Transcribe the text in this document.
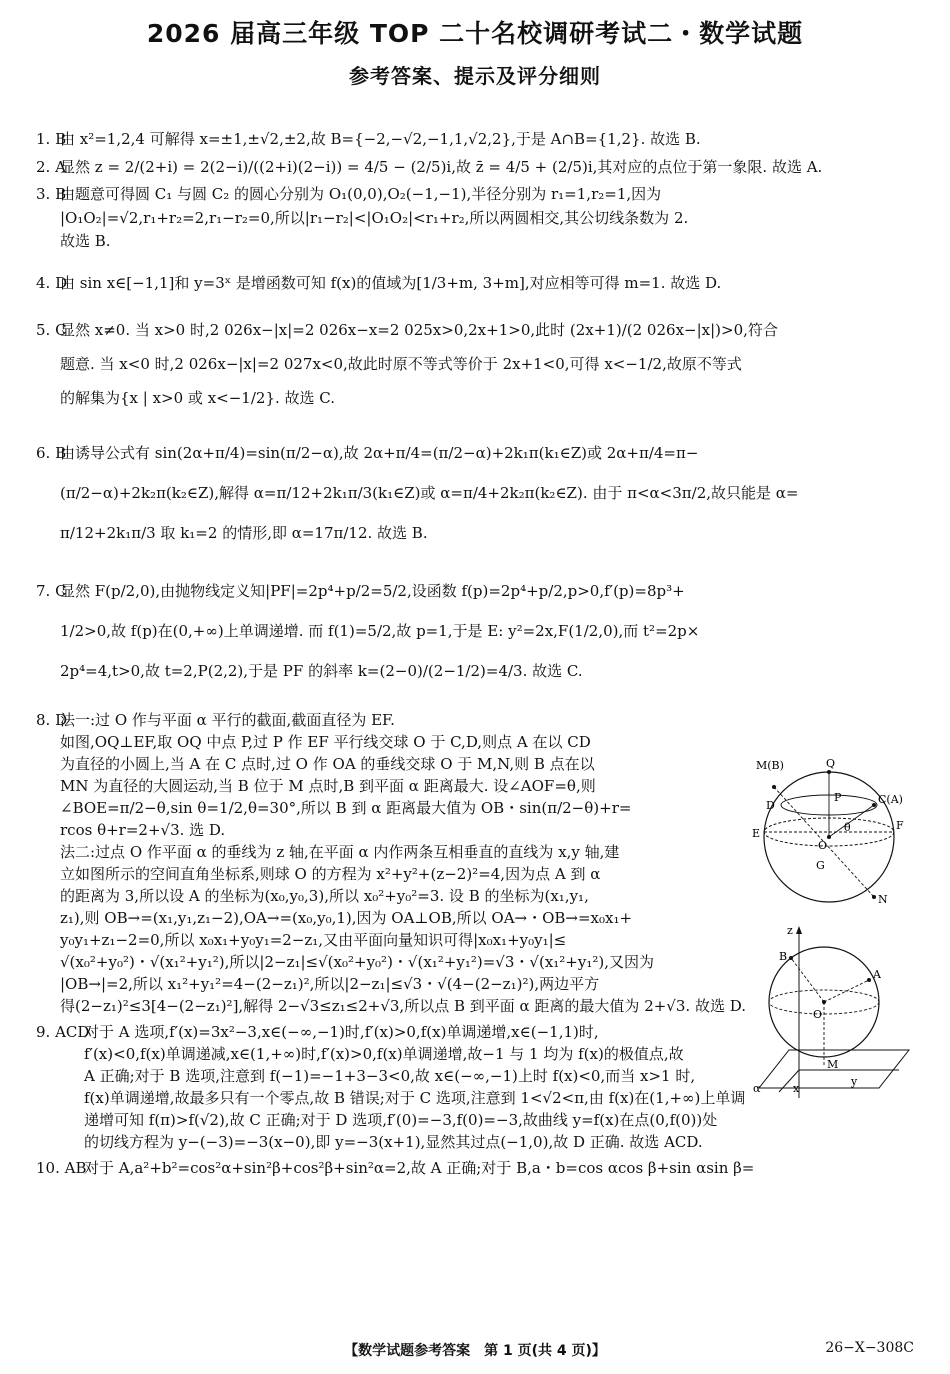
2026 届高三年级 TOP 二十名校调研考试二・数学试题
参考答案、提示及评分细则
1. B
由 x²=1,2,4 可解得 x=±1,±√2,±2,故 B={−2,−√2,−1,1,√2,2},于是 A∩B={1,2}. 故选 B.
2. A
显然 z = 2/(2+i) = 2(2−i)/((2+i)(2−i)) = 4/5 − (2/5)i,故 z̄ = 4/5 + (2/5)i,其对应的点位于第一象限. 故选 A.
3. B
由题意可得圆 C₁ 与圆 C₂ 的圆心分别为 O₁(0,0),O₂(−1,−1),半径分别为 r₁=1,r₂=1,因为
|O₁O₂|=√2,r₁+r₂=2,r₁−r₂=0,所以|r₁−r₂|<|O₁O₂|<r₁+r₂,所以两圆相交,其公切线条数为 2.
故选 B.
4. D
由 sin x∈[−1,1]和 y=3ˣ 是增函数可知 f(x)的值域为[1/3+m, 3+m],对应相等可得 m=1. 故选 D.
5. C
显然 x≠0. 当 x>0 时,2 026x−|x|=2 026x−x=2 025x>0,2x+1>0,此时 (2x+1)/(2 026x−|x|)>0,符合
题意. 当 x<0 时,2 026x−|x|=2 027x<0,故此时原不等式等价于 2x+1<0,可得 x<−1/2,故原不等式
的解集为{x | x>0 或 x<−1/2}. 故选 C.
6. B
由诱导公式有 sin(2α+π/4)=sin(π/2−α),故 2α+π/4=(π/2−α)+2k₁π(k₁∈Z)或 2α+π/4=π−
(π/2−α)+2k₂π(k₂∈Z),解得 α=π/12+2k₁π/3(k₁∈Z)或 α=π/4+2k₂π(k₂∈Z). 由于 π<α<3π/2,故只能是 α=
π/12+2k₁π/3 取 k₁=2 的情形,即 α=17π/12. 故选 B.
7. C
显然 F(p/2,0),由抛物线定义知|PF|=2p⁴+p/2=5/2,设函数 f(p)=2p⁴+p/2,p>0,f′(p)=8p³+
1/2>0,故 f(p)在(0,+∞)上单调递增. 而 f(1)=5/2,故 p=1,于是 E: y²=2x,F(1/2,0),而 t²=2p×
2p⁴=4,t>0,故 t=2,P(2,2),于是 PF 的斜率 k=(2−0)/(2−1/2)=4/3. 故选 C.
8. D
法一:过 O 作与平面 α 平行的截面,截面直径为 EF.
如图,OQ⊥EF,取 OQ 中点 P,过 P 作 EF 平行线交球 O 于 C,D,则点 A 在以 CD
为直径的小圆上,当 A 在 C 点时,过 O 作 OA 的垂线交球 O 于 M,N,则 B 点在以
MN 为直径的大圆运动,当 B 位于 M 点时,B 到平面 α 距离最大. 设∠AOF=θ,则
∠BOE=π/2−θ,sin θ=1/2,θ=30°,所以 B 到 α 距离最大值为 OB・sin(π/2−θ)+r=
rcos θ+r=2+√3. 选 D.
法二:过点 O 作平面 α 的垂线为 z 轴,在平面 α 内作两条互相垂直的直线为 x,y 轴,建
立如图所示的空间直角坐标系,则球 O 的方程为 x²+y²+(z−2)²=4,因为点 A 到 α
的距离为 3,所以设 A 的坐标为(x₀,y₀,3),所以 x₀²+y₀²=3. 设 B 的坐标为(x₁,y₁,
z₁),则 OB→=(x₁,y₁,z₁−2),OA→=(x₀,y₀,1),因为 OA⊥OB,所以 OA→・OB→=x₀x₁+
y₀y₁+z₁−2=0,所以 x₀x₁+y₀y₁=2−z₁,又由平面向量知识可得|x₀x₁+y₀y₁|≤
√(x₀²+y₀²)・√(x₁²+y₁²),所以|2−z₁|≤√(x₀²+y₀²)・√(x₁²+y₁²)=√3・√(x₁²+y₁²),又因为
|OB→|=2,所以 x₁²+y₁²=4−(2−z₁)²,所以|2−z₁|≤√3・√(4−(2−z₁)²),两边平方
得(2−z₁)²≤3[4−(2−z₁)²],解得 2−√3≤z₁≤2+√3,所以点 B 到平面 α 距离的最大值为 2+√3. 故选 D.
9. ACD
对于 A 选项,f′(x)=3x²−3,x∈(−∞,−1)时,f′(x)>0,f(x)单调递增,x∈(−1,1)时,
f′(x)<0,f(x)单调递减,x∈(1,+∞)时,f′(x)>0,f(x)单调递增,故−1 与 1 均为 f(x)的极值点,故
A 正确;对于 B 选项,注意到 f(−1)=−1+3−3<0,故 x∈(−∞,−1)上时 f(x)<0,而当 x>1 时,
f(x)单调递增,故最多只有一个零点,故 B 错误;对于 C 选项,注意到 1<√2<π,由 f(x)在(1,+∞)上单调
递增可知 f(π)>f(√2),故 C 正确;对于 D 选项,f′(0)=−3,f(0)=−3,故曲线 y=f(x)在点(0,f(0))处
的切线方程为 y−(−3)=−3(x−0),即 y=−3(x+1),显然其过点(−1,0),故 D 正确. 故选 ACD.
10. AB
对于 A,a²+b²=cos²α+sin²β+cos²β+sin²α=2,故 A 正确;对于 B,a・b=cos αcos β+sin αsin β=
M(B)	Q
C(A)
D
P
θ
E
F
O
G
N
z
B
A
O
M
α	x
y
【数学试题参考答案　第 1 页(共 4 页)】	26−X−308C
